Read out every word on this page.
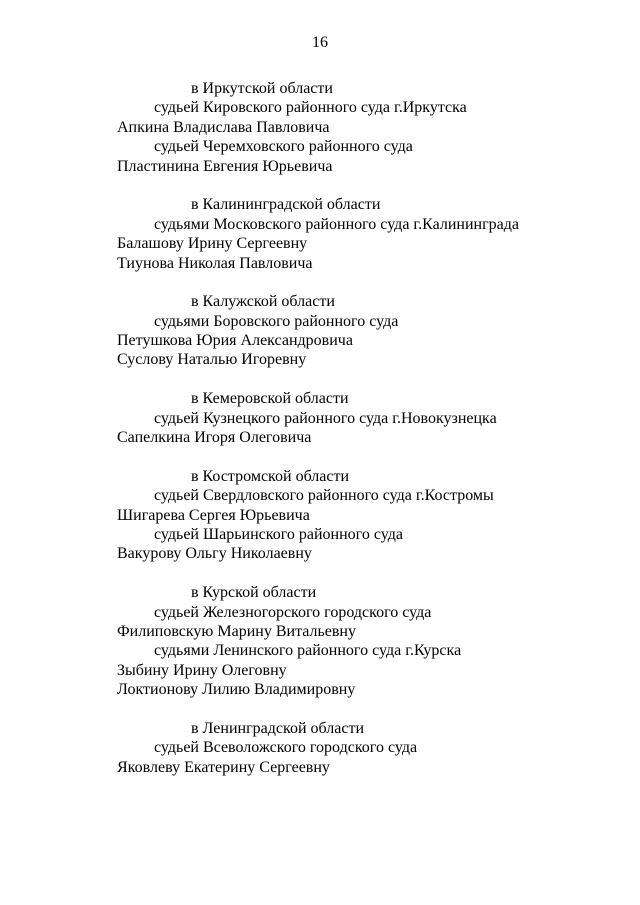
16
в Иркутской области
судьей Кировского районного суда г.Иркутска
Апкина Владислава Павловича
судьей Черемховского районного суда
Пластинина Евгения Юрьевича
в Калининградской области
судьями Московского районного суда г.Калининграда
Балашову Ирину Сергеевну
Тиунова Николая Павловича
в Калужской области
судьями Боровского районного суда
Петушкова Юрия Александровича
Суслову Наталью Игоревну
в Кемеровской области
судьей Кузнецкого районного суда г.Новокузнецка
Сапелкина Игоря Олеговича
в Костромской области
судьей Свердловского районного суда г.Костромы
Шигарева Сергея Юрьевича
судьей Шарьинского районного суда
Вакурову Ольгу Николаевну
в Курской области
судьей Железногорского городского суда
Филиповскую Марину Витальевну
судьями Ленинского районного суда г.Курска
Зыбину Ирину Олеговну
Локтионову Лилию Владимировну
в Ленинградской области
судьей Всеволожского городского суда
Яковлеву Екатерину Сергеевну
